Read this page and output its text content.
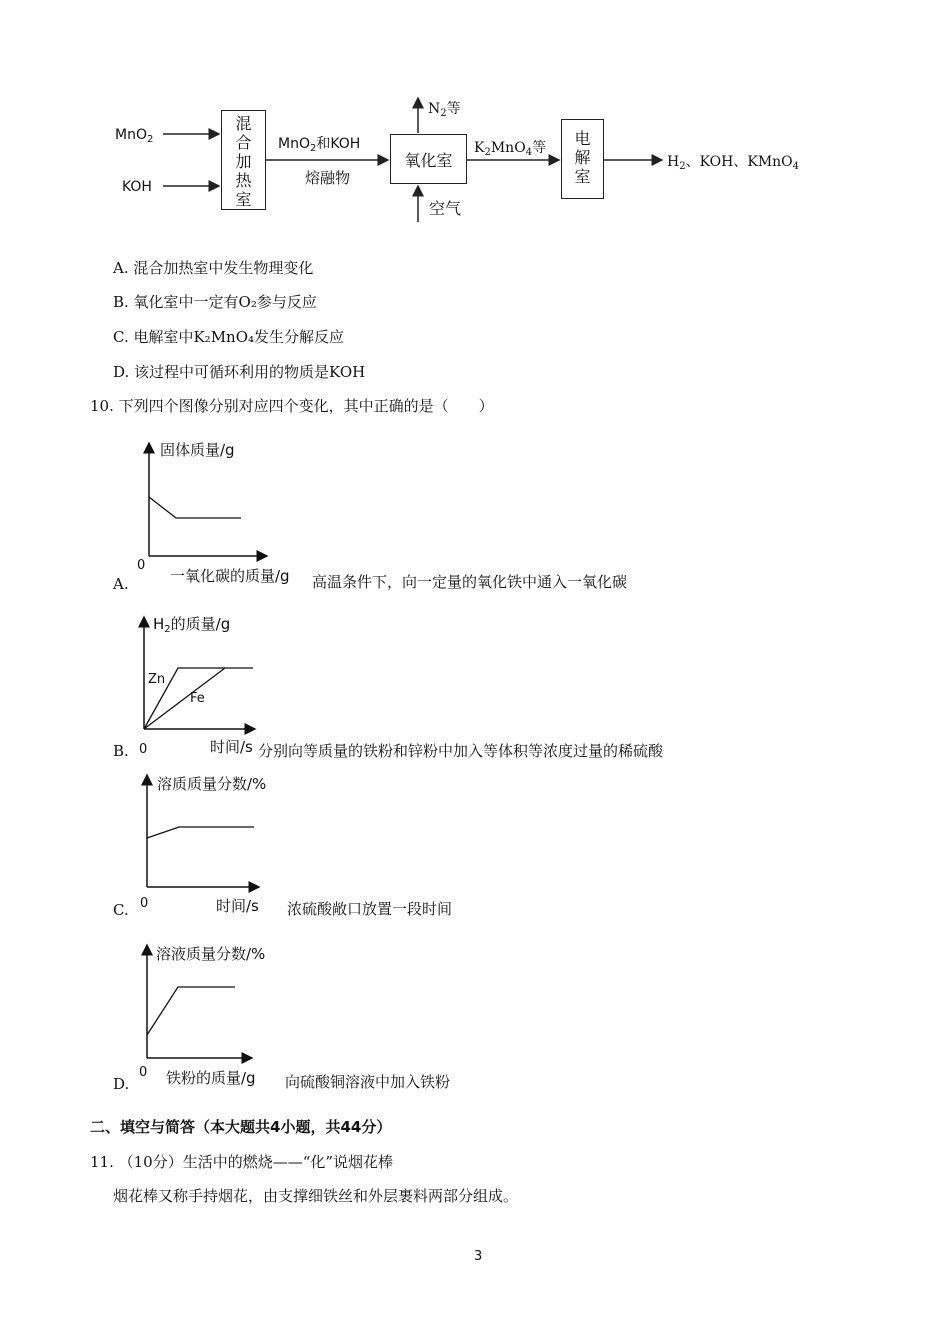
MnO$_2$
KOH
混
合
加
热
室
MnO$_2$和KOH
熔融物
氧化室
$N_2$等
空气
$K_2MnO_4$等	电
解
室
$H_2$、KOH、KMnO$_4$
A. 混合加热室中发生物理变化
B. 氧化室中一定有O₂参与反应
C. 电解室中K₂MnO₄发生分解反应
D. 该过程中可循环利用的物质是KOH
10. 下列四个图像分别对应四个变化，其中正确的是（　　）
固体质量/g
0
A.	一氧化碳的质量/g 高温条件下，向一定量的氧化铁中通入一氧化碳
$H_2$的质量/g
Zn
Fe
0
B.	时间/s 分别向等质量的铁粉和锌粉中加入等体积等浓度过量的稀硫酸
溶质质量分数/%
0
C.	时间/s 浓硫酸敞口放置一段时间
溶液质量分数/%
0
D. 铁粉的质量/g 向硫酸铜溶液中加入铁粉
二、填空与简答（本大题共4小题，共44分）
11. （10分）生活中的燃烧——“化”说烟花棒
烟花棒又称手持烟花，由支撑细铁丝和外层裹料两部分组成。
3
